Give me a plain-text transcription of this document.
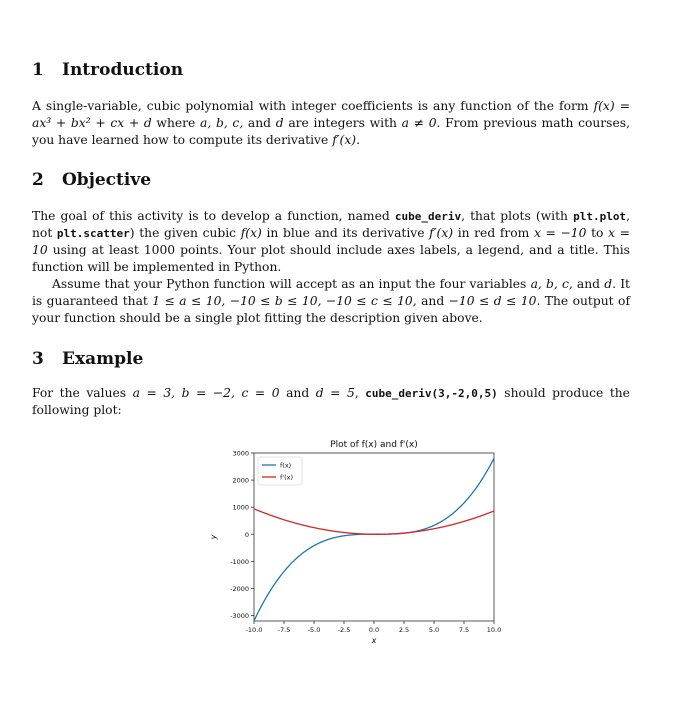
1 Introduction

A single-variable, cubic polynomial with integer coefficients is any function of the form f(x) = ax³ + bx² + cx + d where a, b, c, and d are integers with a ≠ 0. From previous math courses, you have learned how to compute its derivative f′(x).

2 Objective

The goal of this activity is to develop a function, named cube_deriv, that plots (with plt.plot, not plt.scatter) the given cubic f(x) in blue and its derivative f′(x) in red from x = −10 to x = 10 using at least 1000 points. Your plot should include axes labels, a legend, and a title. This function will be implemented in Python.

Assume that your Python function will accept as an input the four variables a, b, c, and d. It is guaranteed that 1 ≤ a ≤ 10, −10 ≤ b ≤ 10, −10 ≤ c ≤ 10, and −10 ≤ d ≤ 10. The output of your function should be a single plot fitting the description given above.

3 Example

For the values a = 3, b = −2, c = 0 and d = 5, cube_deriv(3,-2,0,5) should produce the following plot:

Plot of f(x) and f'(x)
-3000
-2000
-1000
0
1000
2000
3000
-10.0 -7.5	-5.0	-2.5	0.0	2.5	5.0	7.5	10.0
f(x)
f'(x)
x
y
